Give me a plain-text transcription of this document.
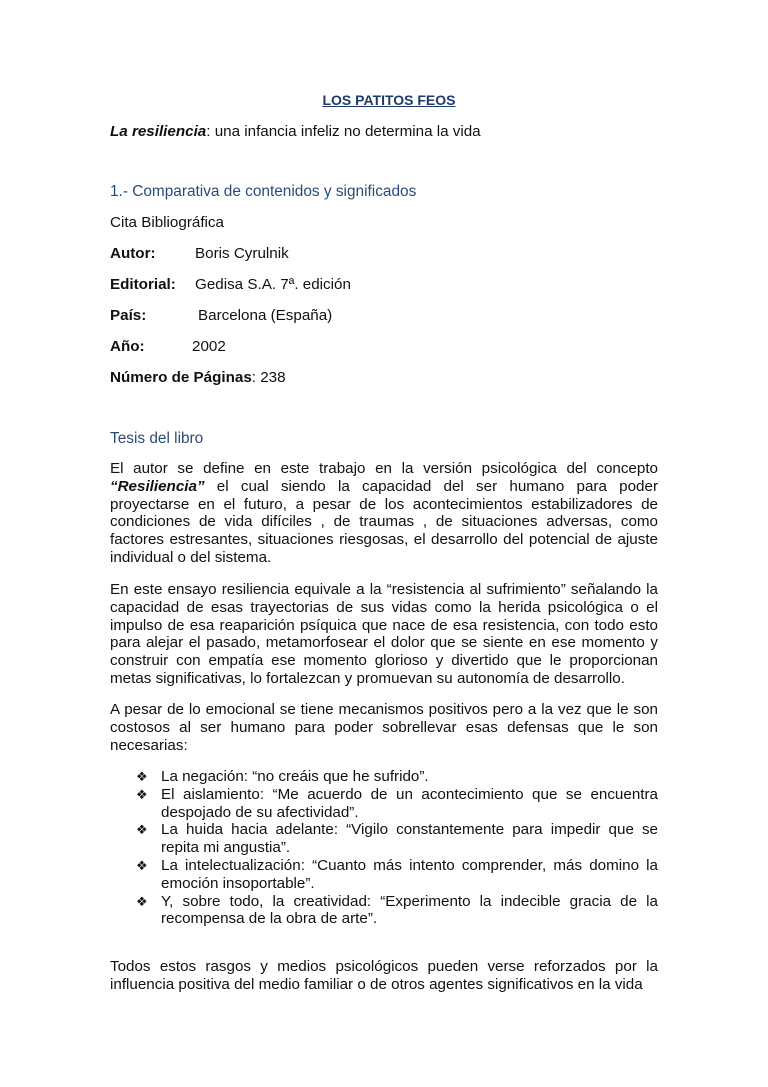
LOS PATITOS FEOS
La resiliencia: una infancia infeliz no determina la vida
1.- Comparativa de contenidos y significados
Cita Bibliográfica
Autor:	Boris Cyrulnik
Editorial: Gedisa S.A. 7ª. edición
País:	Barcelona (España)
Año:	2002
Número de Páginas: 238
Tesis del libro
El autor se define en este trabajo en la versión psicológica del concepto “Resiliencia” el cual siendo la capacidad del ser humano para poder proyectarse en el futuro, a pesar de los acontecimientos estabilizadores de condiciones de vida difíciles , de traumas , de situaciones adversas, como factores estresantes, situaciones riesgosas, el desarrollo del potencial de ajuste individual o del sistema.
En este ensayo resiliencia equivale a la “resistencia al sufrimiento” señalando la capacidad de esas trayectorias de sus vidas como la herida psicológica o el impulso de esa reaparición psíquica que nace de esa resistencia, con todo esto para alejar el pasado, metamorfosear el dolor que se siente en ese momento y construir con empatía ese momento glorioso y divertido que le proporcionan metas significativas, lo fortalezcan y promuevan su autonomía de desarrollo.
A pesar de lo emocional se tiene mecanismos positivos pero a la vez que le son costosos al ser humano para poder sobrellevar esas defensas que le son necesarias:
❖ La negación: “no creáis que he sufrido”.
❖ El aislamiento: “Me acuerdo de un acontecimiento que se encuentra despojado de su afectividad”.
❖ La huida hacia adelante: “Vigilo constantemente para impedir que se repita mi angustia”.
❖ La intelectualización: “Cuanto más intento comprender, más domino la emoción insoportable”.
❖ Y, sobre todo, la creatividad: “Experimento la indecible gracia de la recompensa de la obra de arte”.
Todos estos rasgos y medios psicológicos pueden verse reforzados por la influencia positiva del medio familiar o de otros agentes significativos en la vida
